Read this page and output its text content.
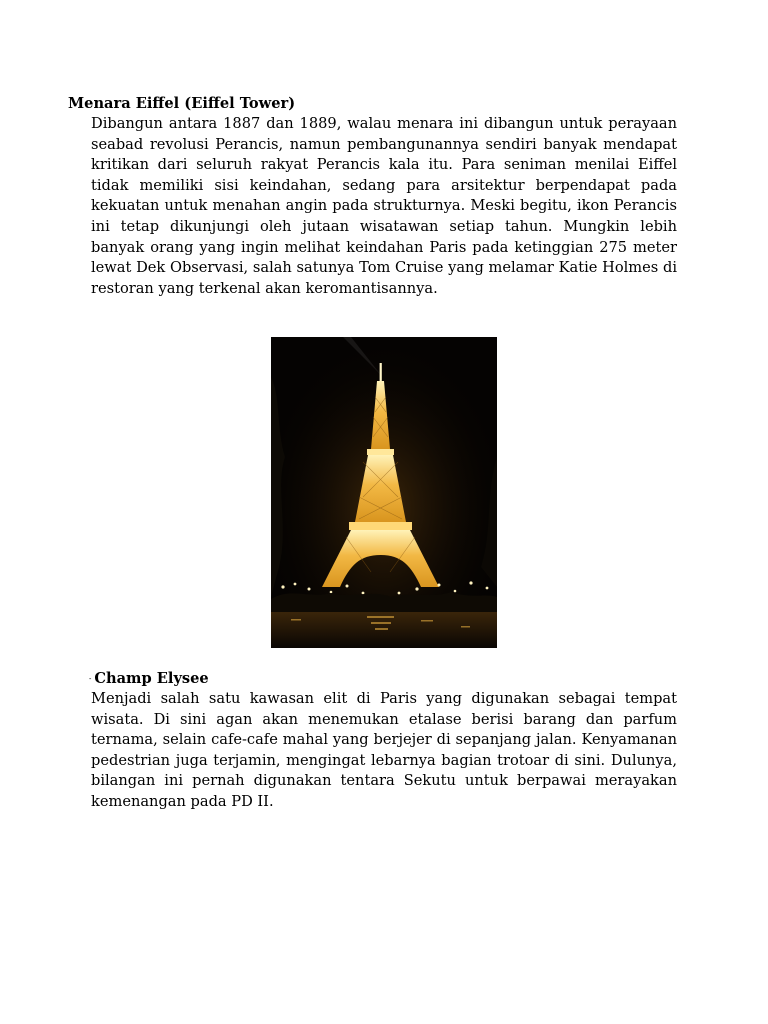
Menara Eiffel (Eiffel Tower)

Dibangun antara 1887 dan 1889, walau menara ini dibangun untuk perayaan seabad revolusi Perancis, namun pembangunannya sendiri banyak mendapat kritikan dari seluruh rakyat Perancis kala itu. Para seniman menilai Eiffel tidak memiliki sisi keindahan, sedang para arsitektur berpendapat pada kekuatan untuk menahan angin pada strukturnya. Meski begitu, ikon Perancis ini tetap dikunjungi oleh jutaan wisatawan setiap tahun. Mungkin lebih banyak orang yang ingin melihat keindahan Paris pada ketinggian 275 meter lewat Dek Observasi, salah satunya Tom Cruise yang melamar Katie Holmes di restoran yang terkenal akan keromantisannya.

- Champ Elysee

Menjadi salah satu kawasan elit di Paris yang digunakan sebagai tempat wisata. Di sini agan akan menemukan etalase berisi barang dan parfum ternama, selain cafe-cafe mahal yang berjejer di sepanjang jalan. Kenyamanan pedestrian juga terjamin, mengingat lebarnya bagian trotoar di sini. Dulunya, bilangan ini pernah digunakan tentara Sekutu untuk berpawai merayakan kemenangan pada PD II.
